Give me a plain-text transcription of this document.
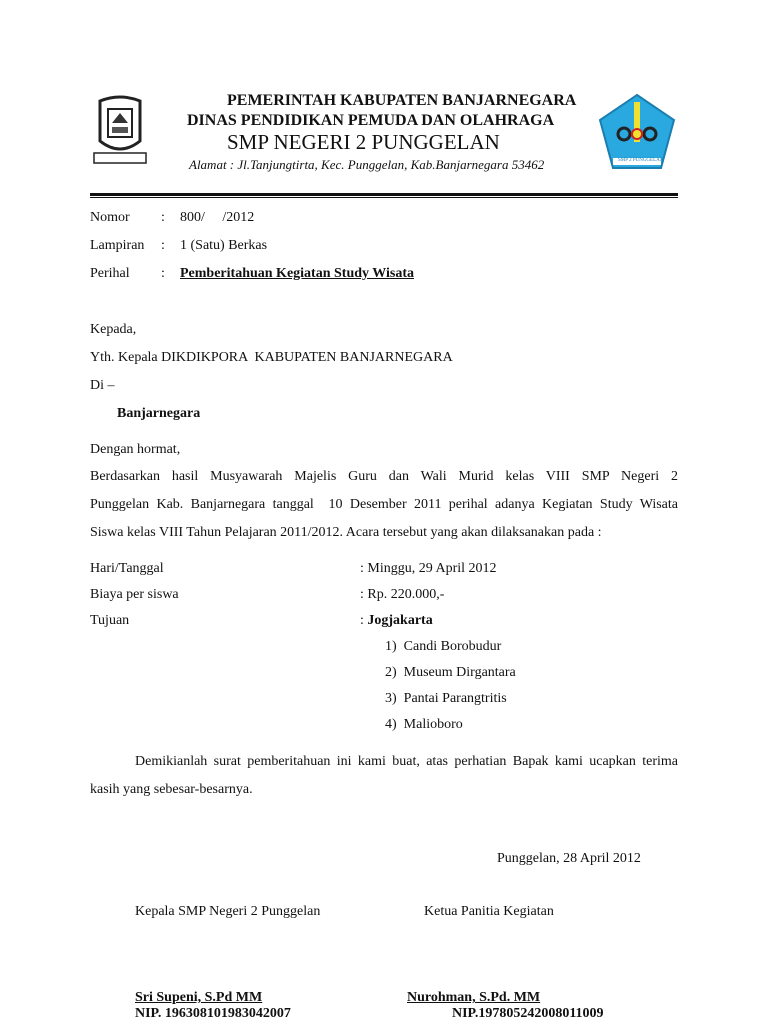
PEMERINTAH KABUPATEN BANJARNEGARA
DINAS PENDIDIKAN PEMUDA DAN OLAHRAGA
SMP NEGERI 2 PUNGGELAN
Alamat : Jl.Tanjungtirta, Kec. Punggelan, Kab.Banjarnegara 53462	SMP 2 PUNGGELAN
Nomor : 800/     /2012
Lampiran : 1 (Satu) Berkas
Perihal : Pemberitahuan Kegiatan Study Wisata
Kepada,
Yth. Kepala DIKDIKPORA  KABUPATEN BANJARNEGARA
Di –
Banjarnegara
Dengan hormat,
Berdasarkan hasil Musyawarah Majelis Guru dan Wali Murid kelas VIII SMP Negeri 2
Punggelan Kab. Banjarnegara tanggal  10 Desember 2011 perihal adanya Kegiatan Study Wisata
Siswa kelas VIII Tahun Pelajaran 2011/2012. Acara tersebut yang akan dilaksanakan pada :
Hari/Tanggal	: Minggu, 29 April 2012
Biaya per siswa	: Rp. 220.000,-
Tujuan	: Jogjakarta
1)  Candi Borobudur
2)  Museum Dirgantara
3)  Pantai Parangtritis
4)  Malioboro
Demikianlah surat pemberitahuan ini kami buat, atas perhatian Bapak kami ucapkan terima
kasih yang sebesar-besarnya.
Punggelan, 28 April 2012
Kepala SMP Negeri 2 Punggelan	Ketua Panitia Kegiatan
Sri Supeni, S.Pd MM	Nurohman, S.Pd. MM
NIP. 196308101983042007	NIP.197805242008011009
